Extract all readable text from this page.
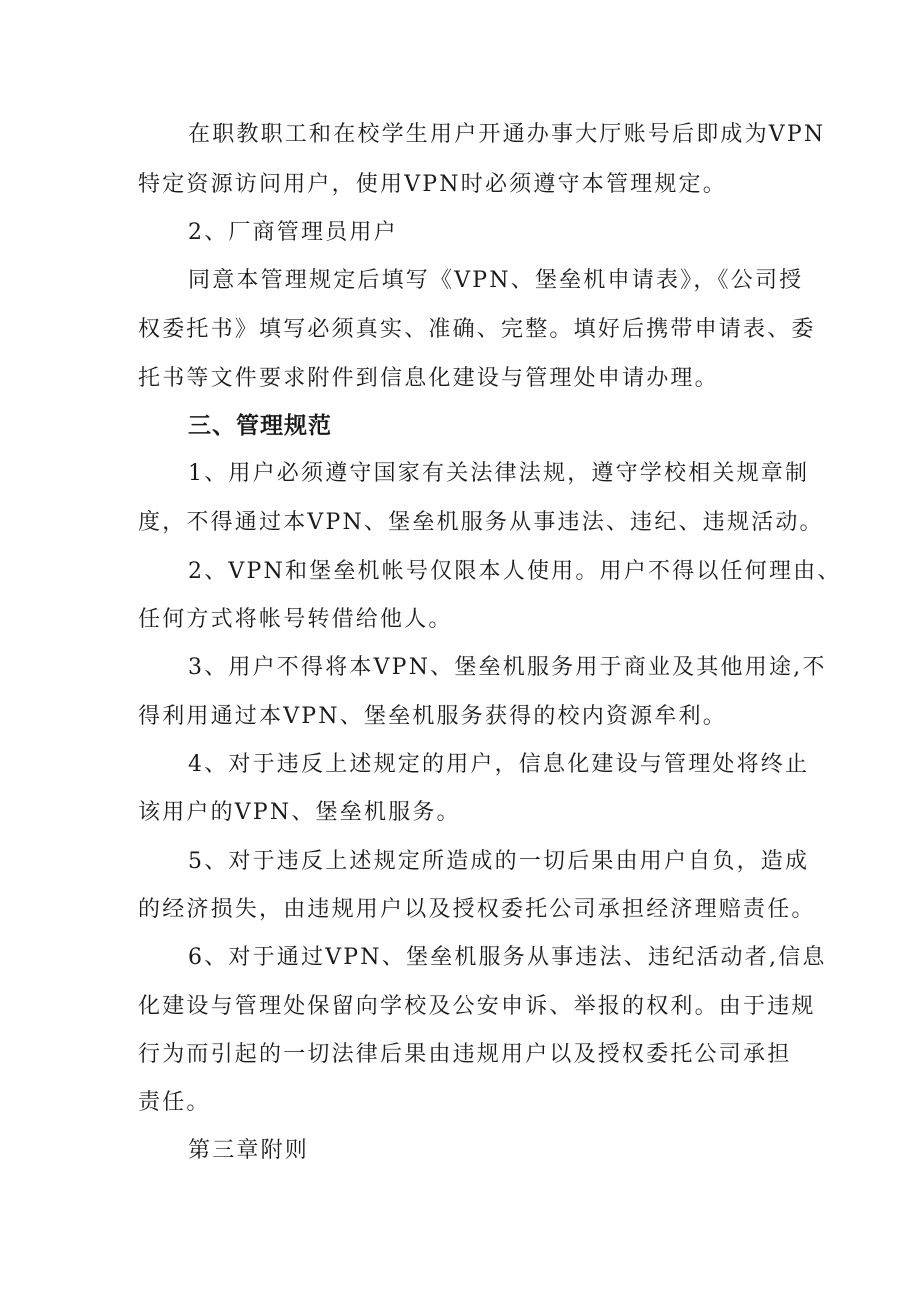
在职教职工和在校学生用户开通办事大厅账号后即成为VPN
特定资源访问用户，使用VPN时必须遵守本管理规定。
2、厂商管理员用户
同意本管理规定后填写《VPN、堡垒机申请表》，《公司授
权委托书》填写必须真实、准确、完整。填好后携带申请表、委
托书等文件要求附件到信息化建设与管理处申请办理。
三、管理规范
1、用户必须遵守国家有关法律法规，遵守学校相关规章制
度，不得通过本VPN、堡垒机服务从事违法、违纪、违规活动。
2、VPN和堡垒机帐号仅限本人使用。用户不得以任何理由、
任何方式将帐号转借给他人。
3、用户不得将本VPN、堡垒机服务用于商业及其他用途,不
得利用通过本VPN、堡垒机服务获得的校内资源牟利。
4、对于违反上述规定的用户，信息化建设与管理处将终止
该用户的VPN、堡垒机服务。
5、对于违反上述规定所造成的一切后果由用户自负，造成
的经济损失，由违规用户以及授权委托公司承担经济理赔责任。
6、对于通过VPN、堡垒机服务从事违法、违纪活动者,信息
化建设与管理处保留向学校及公安申诉、举报的权利。由于违规
行为而引起的一切法律后果由违规用户以及授权委托公司承担
责任。
第三章附则
